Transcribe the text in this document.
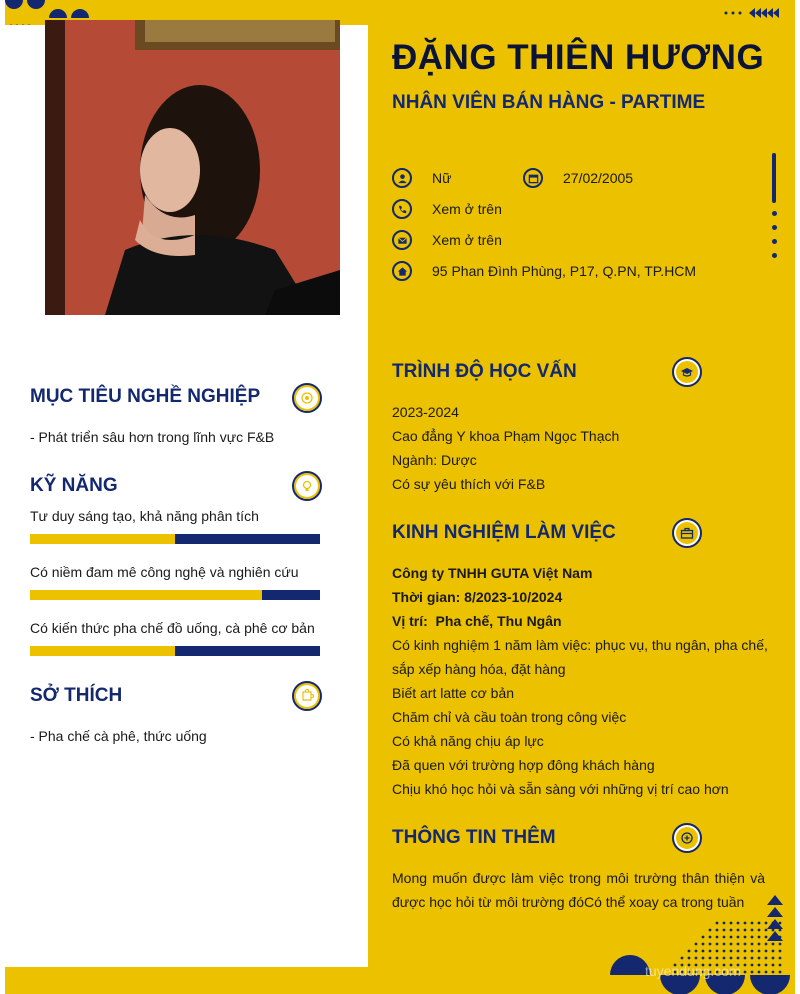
ĐẶNG THIÊN HƯƠNG
NHÂN VIÊN BÁN HÀNG - PARTIME
Nữ	27/02/2005
Xem ở trên
Xem ở trên
95 Phan Đình Phùng, P17, Q.PN, TP.HCM
MỤC TIÊU NGHỀ NGHIỆP
- Phát triển sâu hơn trong lĩnh vực F&B
KỸ NĂNG
Tư duy sáng tạo, khả năng phân tích
Có niềm đam mê công nghệ và nghiên cứu
Có kiến thức pha chế đồ uống, cà phê cơ bản
SỞ THÍCH
- Pha chế cà phê, thức uống
TRÌNH ĐỘ HỌC VẤN
2023-2024
Cao đẳng Y khoa Phạm Ngọc Thạch
Ngành: Dược
Có sự yêu thích với F&B
KINH NGHIỆM LÀM VIỆC
Công ty TNHH GUTA Việt Nam
Thời gian: 8/2023-10/2024
Vị trí:  Pha chế, Thu Ngân
Có kinh nghiệm 1 năm làm việc: phục vụ, thu ngân, pha chế, sắp xếp hàng hóa, đặt hàng
Biết art latte cơ bản
Chăm chỉ và cầu toàn trong công việc
Có khả năng chịu áp lực
Đã quen với trường hợp đông khách hàng
Chịu khó học hỏi và sẵn sàng với những vị trí cao hơn
THÔNG TIN THÊM
Mong muốn được làm việc trong môi trường thân thiện và được học hỏi từ môi trường đóCó thể xoay ca trong tuần
tuyendung.com
